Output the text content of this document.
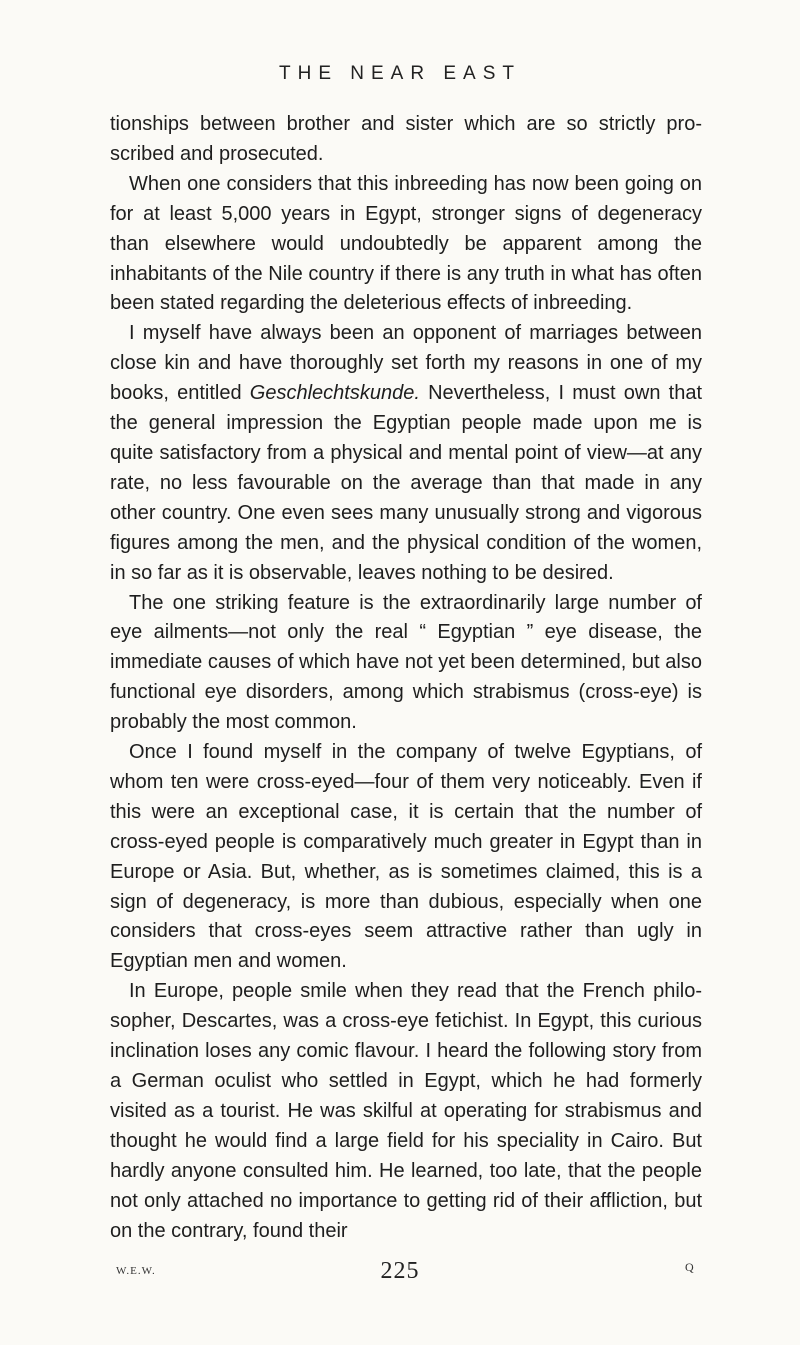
THE NEAR EAST

tionships between brother and sister which are so strictly pro-scribed and prosecuted.

When one considers that this inbreeding has now been going on for at least 5,000 years in Egypt, stronger signs of degeneracy than elsewhere would undoubtedly be apparent among the inhabitants of the Nile country if there is any truth in what has often been stated regarding the deleterious effects of inbreeding.

I myself have always been an opponent of marriages between close kin and have thoroughly set forth my reasons in one of my books, entitled Geschlechtskunde. Nevertheless, I must own that the general impression the Egyptian people made upon me is quite satisfactory from a physical and mental point of view—at any rate, no less favourable on the average than that made in any other country. One even sees many unusually strong and vigorous figures among the men, and the physical condition of the women, in so far as it is observable, leaves nothing to be desired.

The one striking feature is the extraordinarily large number of eye ailments—not only the real “ Egyptian ” eye disease, the immediate causes of which have not yet been determined, but also functional eye disorders, among which strabismus (cross-eye) is probably the most common.

Once I found myself in the company of twelve Egyptians, of whom ten were cross-eyed—four of them very noticeably. Even if this were an exceptional case, it is certain that the number of cross-eyed people is comparatively much greater in Egypt than in Europe or Asia. But, whether, as is sometimes claimed, this is a sign of degeneracy, is more than dubious, especially when one considers that cross-eyes seem attractive rather than ugly in Egyptian men and women.

In Europe, people smile when they read that the French philo-sopher, Descartes, was a cross-eye fetichist. In Egypt, this curious inclination loses any comic flavour. I heard the following story from a German oculist who settled in Egypt, which he had formerly visited as a tourist. He was skilful at operating for strabismus and thought he would find a large field for his speciality in Cairo. But hardly anyone consulted him. He learned, too late, that the people not only attached no importance to getting rid of their affliction, but on the contrary, found their

W.E.W.	225	Q
